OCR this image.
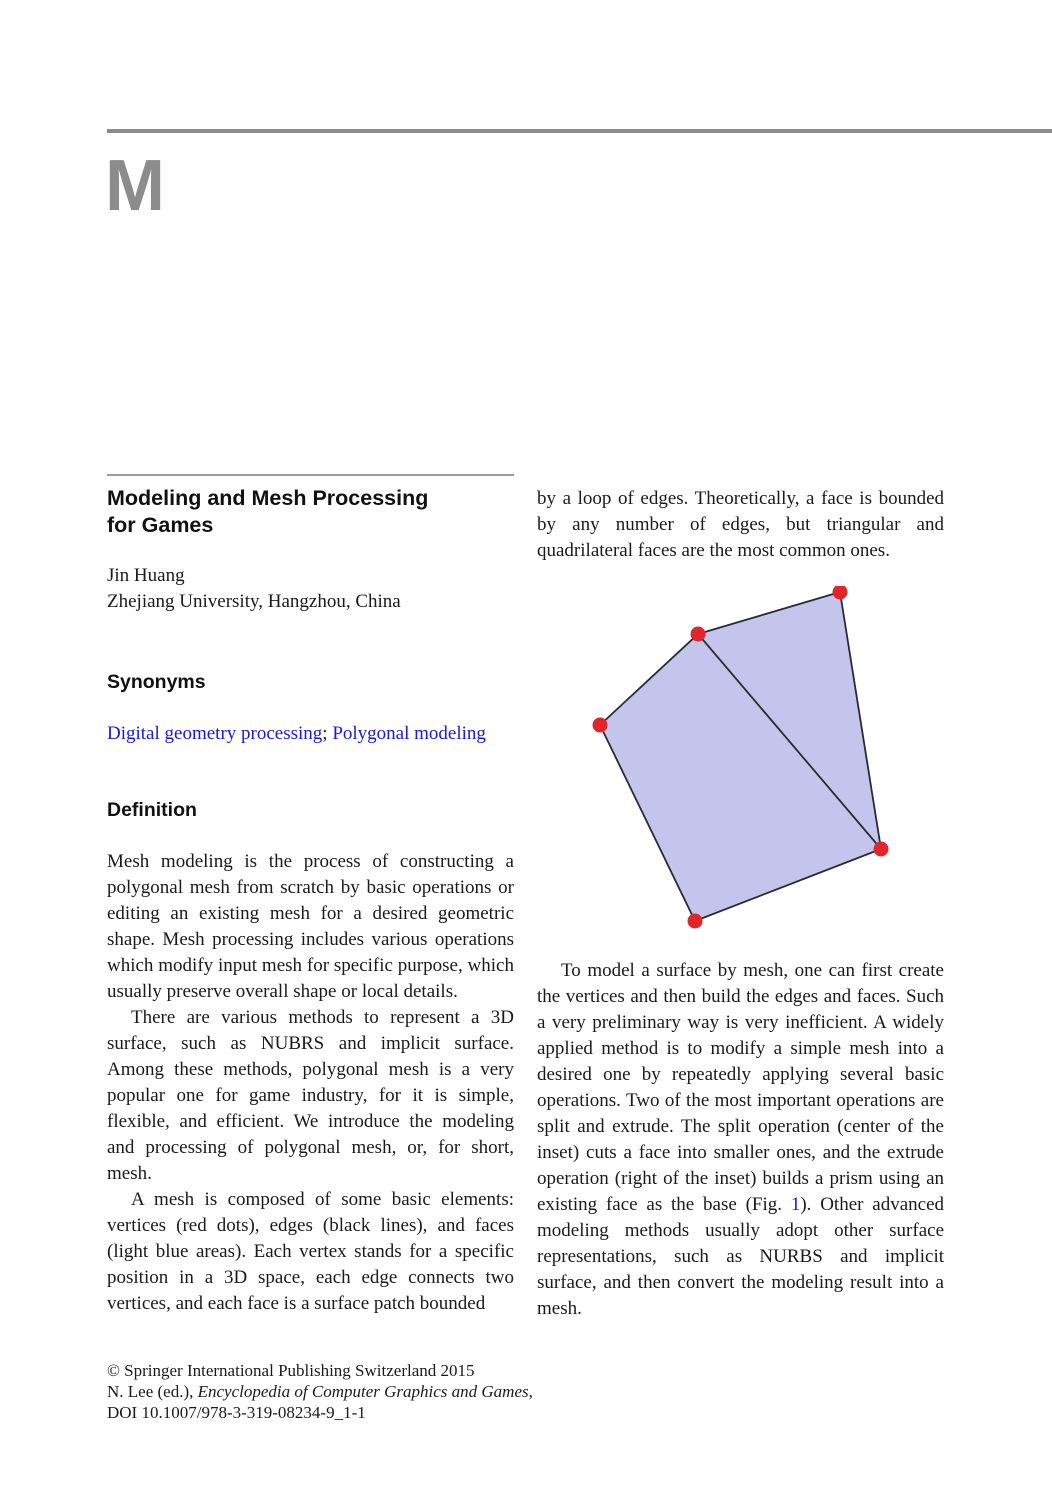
M
Modeling and Mesh Processing
for Games
Jin Huang
Zhejiang University, Hangzhou, China
Synonyms
Digital geometry processing; Polygonal modeling
Definition

Mesh modeling is the process of constructing a polygonal mesh from scratch by basic operations or editing an existing mesh for a desired geometric shape. Mesh processing includes various operations which modify input mesh for specific purpose, which usually preserve overall shape or local details.

There are various methods to represent a 3D surface, such as NUBRS and implicit surface. Among these methods, polygonal mesh is a very popular one for game industry, for it is simple, flexible, and efficient. We introduce the modeling and processing of polygonal mesh, or, for short, mesh.

A mesh is composed of some basic elements: vertices (red dots), edges (black lines), and faces (light blue areas). Each vertex stands for a specific position in a 3D space, each edge connects two vertices, and each face is a surface patch bounded

by a loop of edges. Theoretically, a face is bounded by any number of edges, but triangular and quadrilateral faces are the most common ones.

To model a surface by mesh, one can first create the vertices and then build the edges and faces. Such a very preliminary way is very inefficient. A widely applied method is to modify a simple mesh into a desired one by repeatedly applying several basic operations. Two of the most important operations are split and extrude. The split operation (center of the inset) cuts a face into smaller ones, and the extrude operation (right of the inset) builds a prism using an existing face as the base (Fig. 1). Other advanced modeling methods usually adopt other surface representations, such as NURBS and implicit surface, and then convert the modeling result into a mesh.

© Springer International Publishing Switzerland 2015
N. Lee (ed.), Encyclopedia of Computer Graphics and Games,
DOI 10.1007/978-3-319-08234-9_1-1
